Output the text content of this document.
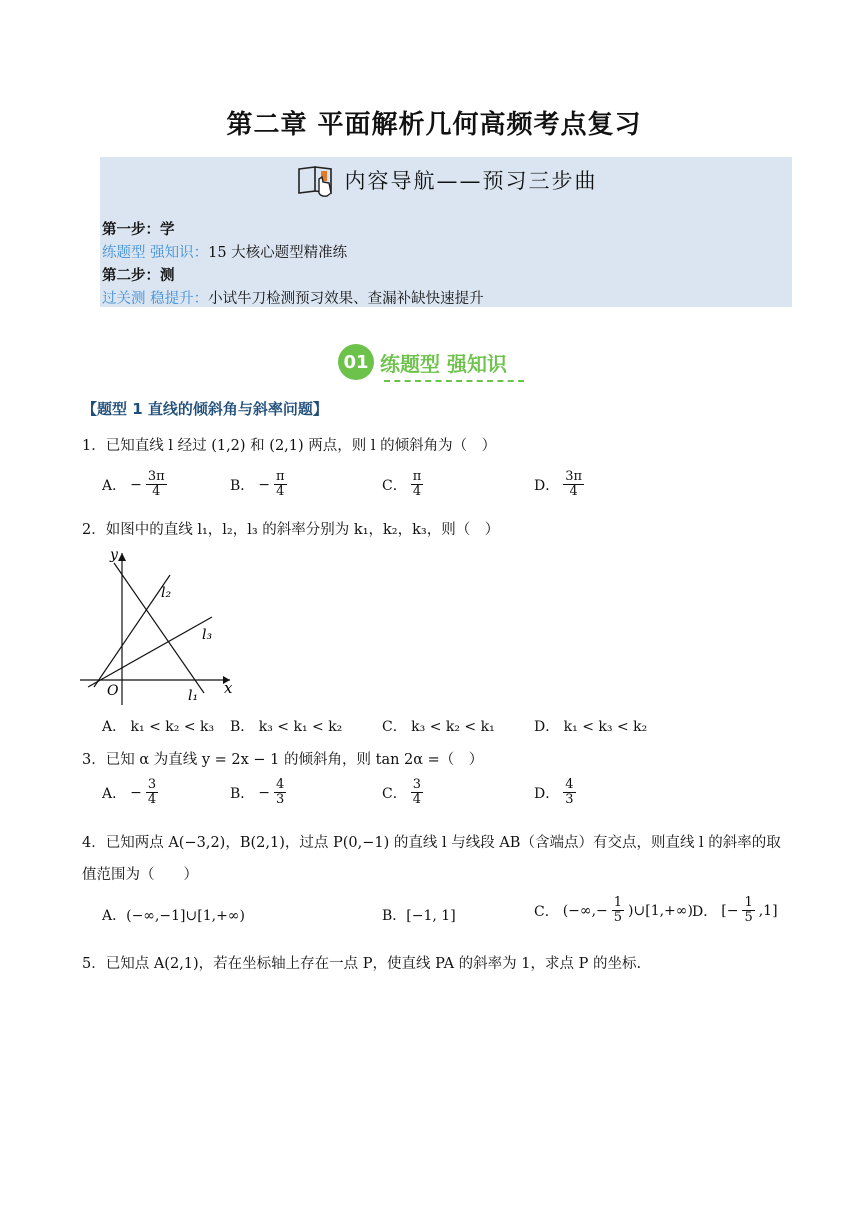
第二章 平面解析几何高频考点复习
内容导航——预习三步曲
第一步：学
练题型 强知识：15 大核心题型精准练
第二步：测
过关测 稳提升：小试牛刀检测预习效果、查漏补缺快速提升
01 练题型 强知识
【题型 1 直线的倾斜角与斜率问题】
1．已知直线 l 经过 (1,2) 和 (2,1) 两点，则 l 的倾斜角为（　）
A． − $\frac{3\pi}{4}$	B． − $\frac{\pi}{4}$	C． $\frac{\pi}{4}$	D． $\frac{3\pi}{4}$
2．如图中的直线 l₁，l₂，l₃ 的斜率分别为 k₁，k₂，k₃，则（　）
y
x
O
l₂
l₃
l₁
A． k₁ < k₂ < k₃ B． k₃ < k₁ < k₂	C． k₃ < k₂ < k₁	D． k₁ < k₃ < k₂
3．已知 α 为直线 y = 2x − 1 的倾斜角，则 tan 2α =（　）
A． − $\frac{3}{4}$	B． − $\frac{4}{3}$	C． $\frac{3}{4}$	D． $\frac{4}{3}$
4．已知两点 A(−3,2)，B(2,1)，过点 P(0,−1) 的直线 l 与线段 AB（含端点）有交点，则直线 l 的斜率的取
值范围为（　　）
A．(−∞,−1]∪[1,+∞)	B．[−1, 1]	C． (−∞,− $\frac{1}{5}$ )∪[1,+∞) D． [− $\frac{1}{5} ,1$]
5．已知点 A(2,1)，若在坐标轴上存在一点 P，使直线 PA 的斜率为 1，求点 P 的坐标.
